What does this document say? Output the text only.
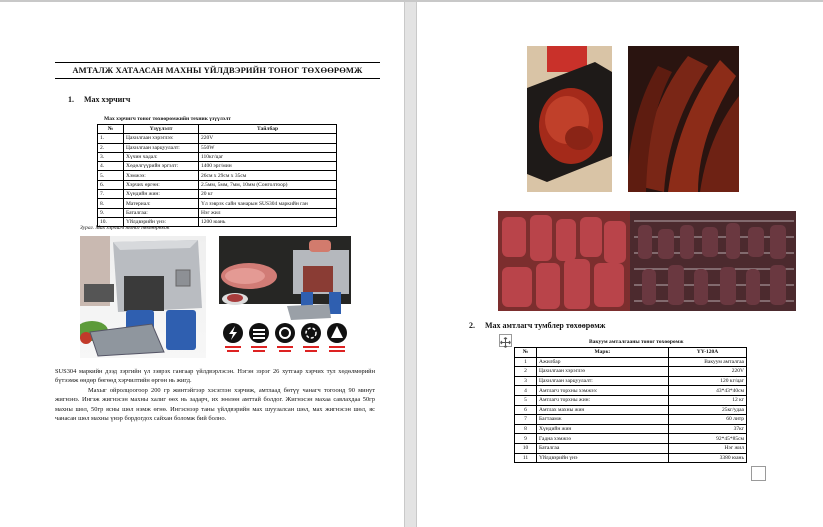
АМТАЛЖ ХАТААСАН МАХНЫ ҮЙЛДВЭРИЙН ТОНОГ ТӨХӨӨРӨМЖ
1. Мах хэрчигч
Мах хэрчигч тоног төхөөрөмжийн техник үзүүлэлт
№	Үзүүлэлт	Тайлбар
1.	Цахилгаан хэрэглээ:	220V
2.	Цахилгаан зарцуулалт:	550W
3.	Хүчин чадал:	110кг/цаг
4.	Хөдөлгүүрийн эргэлт:	1400 эрг/мин
5.	Хэмжээ:	26см x 29см x 35см
6.	Хэрчих өргөн:	2.5мм, 5мм, 7мм, 10мм (Сонголтоор)
7.	Хүндийн жин:	20 кг
8.	Материал:	Үл зэврэх сайн чанарын SUS304 маркийн ган
9.	Баталгаа:	Нэг жил
10.	Үйлдвэрийн үнэ:	1200 юань
Зураг. Мах хэрчигч тоног төхөөрөмж
SUS304 маркийн дээд зэргийн үл зэврэх гангаар үйлдвэрлэсэн. Нэгэн зэрэг 26 хутгаар хэрчих тул хөдөлмөрийн бүтээмж өндөр бөгөөд хэрчилтийн өргөн нь жигд.
Махыг ойролцоогоор 200 гр жинтэйгээр хэсэглэн хэрчиж, амтлаад бөтүү чанагч тогоонд 90 минут жигнэнэ. Ингэж жигнэсэн махны халиг өөх нь задарч, их зөөлөн амттай болдог. Жигнэсэн махаа савлахдаа 50гр махны шөл, 50гр ясны шөл нэмж өгнө. Ингэснээр таны үйлдвэрийн мах шуузалсан шөл, мах жигнэсэн шөл, яс чанасан шөл махны үнэр бордогдох сайхан боломж бий болно.
2. Мах амтлагч тумблер төхөөрөмж
Вакуум амталгааны тоног төхөөрөмж
№	Марк:	YY-120A
1	Ажилбар	Вакуум амталгаа
2	Цахилгаан хэрэглээ	220V
3	Цахилгаан зарцуулалт:	120 кг/цаг
4	Амтлагч торхны хэмжээ:	43*43*40см
5	Амтлагч торхны жин:	12 кг
6	Амтлах махны жин	25кг/удаа
7	Багтаамж	60 литр
8	Хүндийн жин	37кг
9	Гадна хэмжээ	92*45*85см
10	Баталгаа	Нэг жил
11	Үйлдвэрийн үнэ	3380 юань
